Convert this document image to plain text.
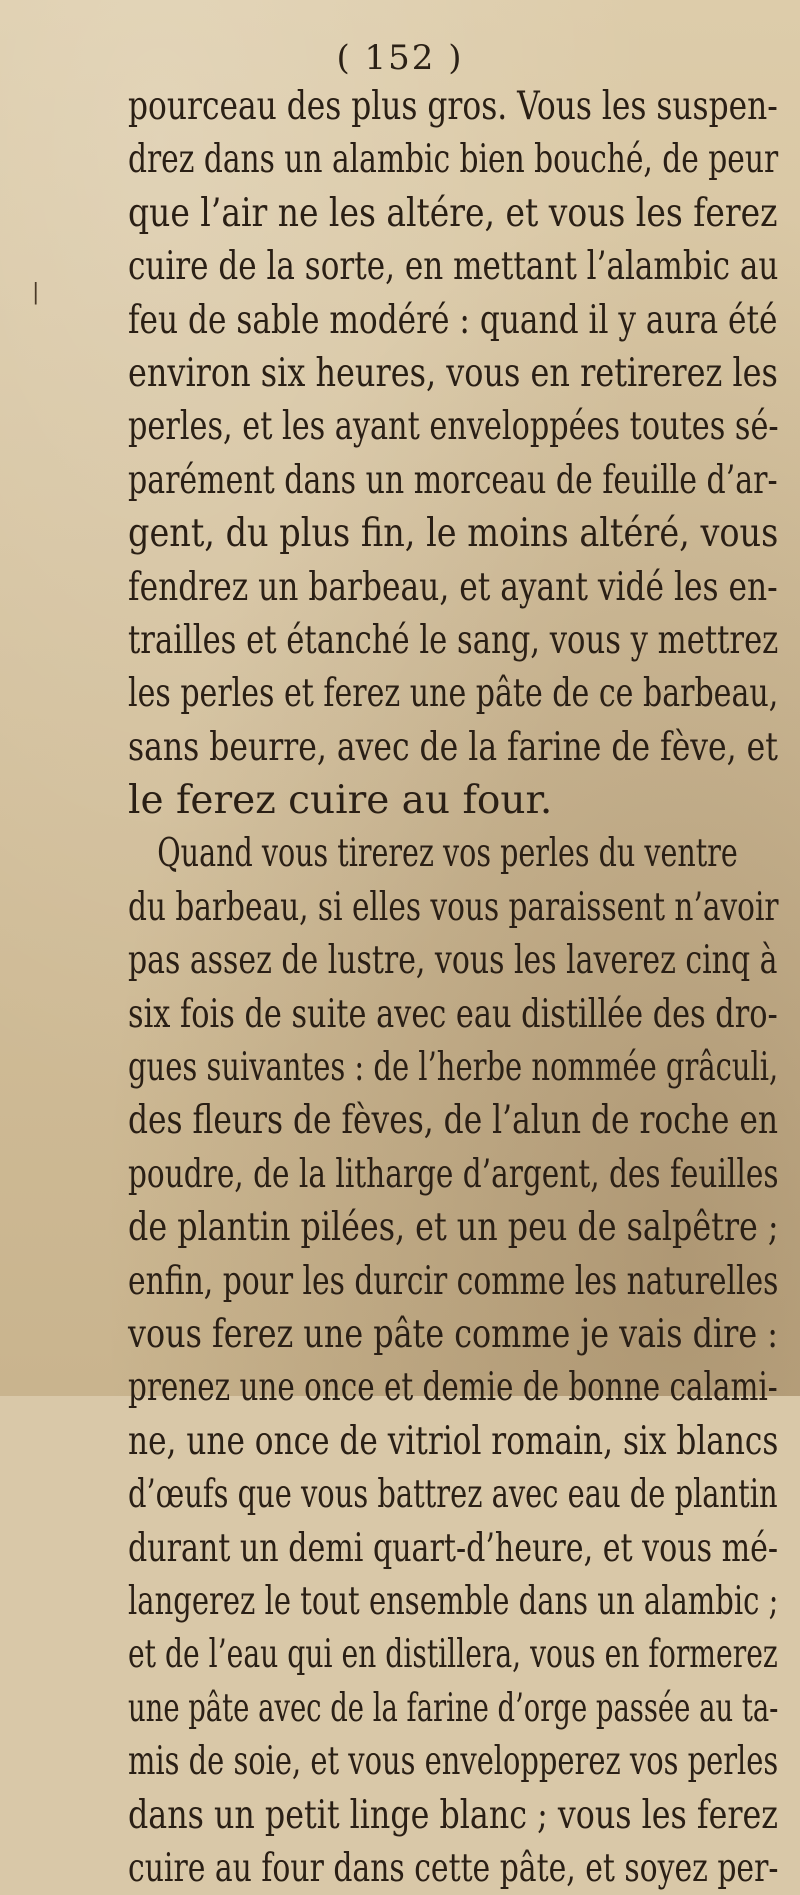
( 152 )
pourceau des plus gros. Vous les suspen-
drez dans un alambic bien bouché, de peur
que l’air ne les altére, et vous les ferez
cuire de la sorte, en mettant l’alambic au
feu de sable modéré : quand il y aura été
environ six heures, vous en retirerez les
perles, et les ayant enveloppées toutes sé-
parément dans un morceau de feuille d’ar-
gent, du plus fin, le moins altéré, vous
fendrez un barbeau, et ayant vidé les en-
trailles et étanché le sang, vous y mettrez
les perles et ferez une pâte de ce barbeau,
sans beurre, avec de la farine de fève, et
le ferez cuire au four.
Quand vous tirerez vos perles du ventre
du barbeau, si elles vous paraissent n’avoir
pas assez de lustre, vous les laverez cinq à
six fois de suite avec eau distillée des dro-
gues suivantes : de l’herbe nommée grâculi,
des fleurs de fèves, de l’alun de roche en
poudre, de la litharge d’argent, des feuilles
de plantin pilées, et un peu de salpêtre ;
enfin, pour les durcir comme les naturelles
vous ferez une pâte comme je vais dire :
prenez une once et demie de bonne calami-
ne, une once de vitriol romain, six blancs
d’œufs que vous battrez avec eau de plantin
durant un demi quart-d’heure, et vous mé-
langerez le tout ensemble dans un alambic ;
et de l’eau qui en distillera, vous en formerez
une pâte avec de la farine d’orge passée au ta-
mis de soie, et vous envelopperez vos perles
dans un petit linge blanc ; vous les ferez
cuire au four dans cette pâte, et soyez per-
|
